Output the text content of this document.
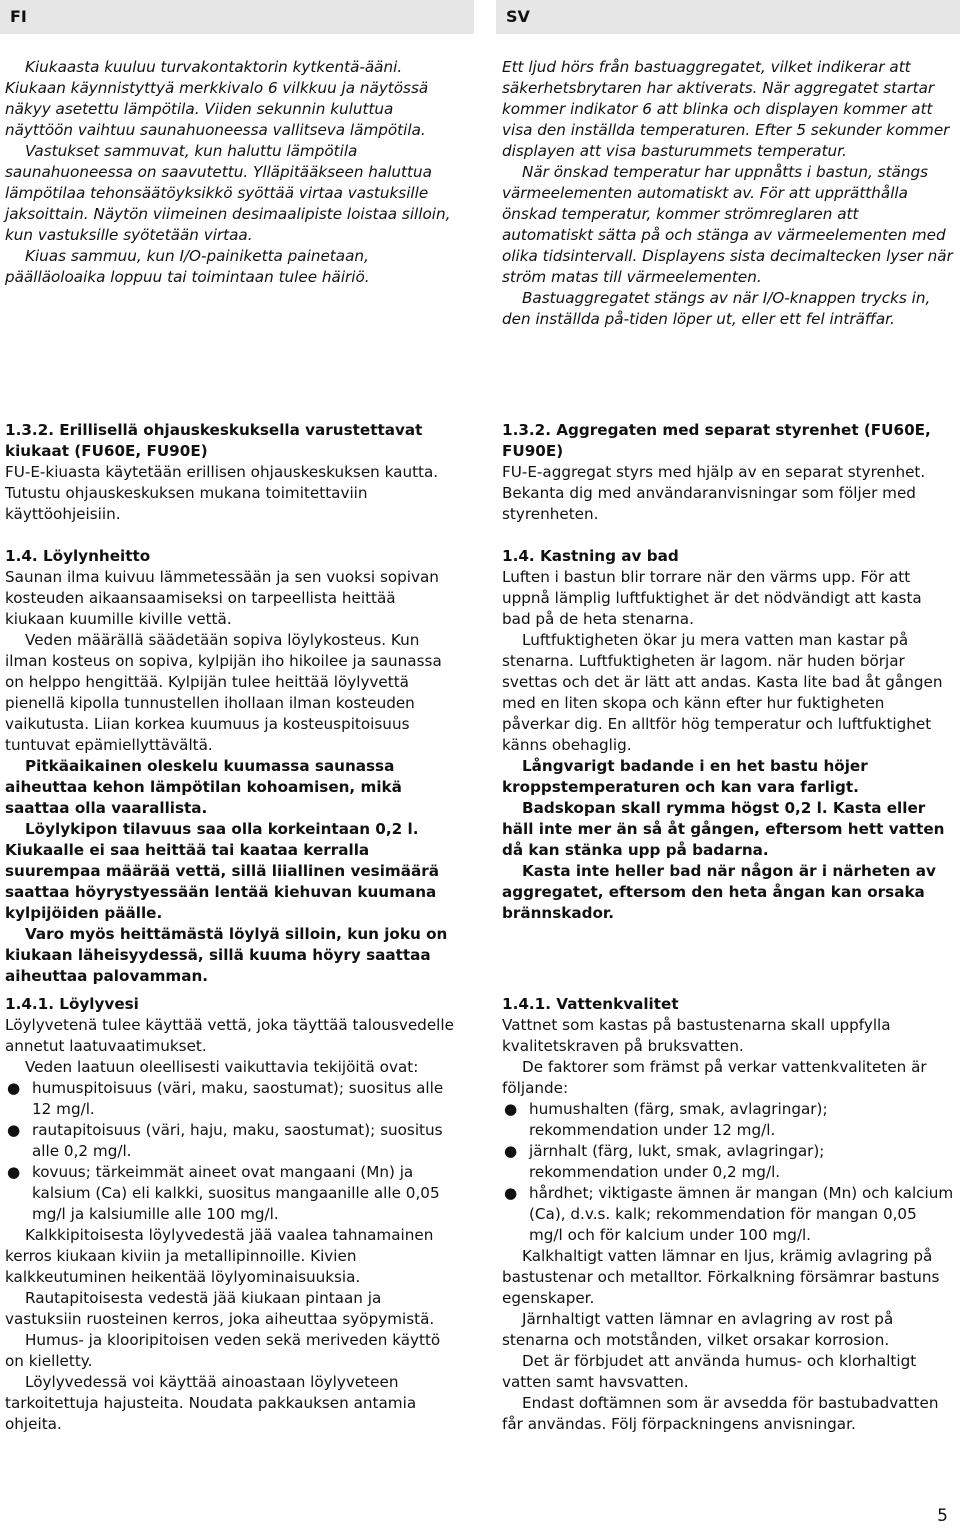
FI	SV

Kiukaasta kuuluu turvakontaktorin kytkentä-ääni. Kiukaan käynnistyttyä merkkivalo 6 vilkkuu ja näytössä näkyy asetettu lämpötila. Viiden sekunnin kuluttua näyttöön vaihtuu saunahuoneessa vallitseva lämpötila.

Vastukset sammuvat, kun haluttu lämpötila saunahuoneessa on saavutettu. Ylläpitääkseen haluttua lämpötilaa tehonsäätöyksikkö syöttää virtaa vastuksille jaksoittain. Näytön viimeinen desimaalipiste loistaa silloin, kun vastuksille syötetään virtaa.

Kiuas sammuu, kun I/O-painiketta painetaan, päälläoloaika loppuu tai toimintaan tulee häiriö.

1.3.2. Erillisellä ohjauskeskuksella varustettavat kiukaat (FU60E, FU90E)

FU-E-kiuasta käytetään erillisen ohjauskeskuksen kautta. Tutustu ohjauskeskuksen mukana toimitettaviin käyttöohjeisiin.

1.4. Löylynheitto

Saunan ilma kuivuu lämmetessään ja sen vuoksi sopivan kosteuden aikaansaamiseksi on tarpeellista heittää kiukaan kuumille kiville vettä.

Veden määrällä säädetään sopiva löylykosteus. Kun ilman kosteus on sopiva, kylpijän iho hikoilee ja saunassa on helppo hengittää. Kylpijän tulee heittää löylyvettä pienellä kipolla tunnustellen ihollaan ilman kosteuden vaikutusta. Liian korkea kuumuus ja kosteuspitoisuus tuntuvat epämiellyttävältä.

Pitkäaikainen oleskelu kuumassa saunassa aiheuttaa kehon lämpötilan kohoamisen, mikä saattaa olla vaarallista.

Löylykipon tilavuus saa olla korkeintaan 0,2 l. Kiukaalle ei saa heittää tai kaataa kerralla suurempaa määrää vettä, sillä liiallinen vesimäärä saattaa höyrystyessään lentää kiehuvan kuumana kylpijöiden päälle.

Varo myös heittämästä löylyä silloin, kun joku on kiukaan läheisyydessä, sillä kuuma höyry saattaa aiheuttaa palovamman.

1.4.1. Löylyvesi

Löylyvetenä tulee käyttää vettä, joka täyttää talousvedelle annetut laatuvaatimukset.

Veden laatuun oleellisesti vaikuttavia tekijöitä ovat:

● humuspitoisuus (väri, maku, saostumat); suositus alle 12 mg/l.
● rautapitoisuus (väri, haju, maku, saostumat); suositus alle 0,2 mg/l.
● kovuus; tärkeimmät aineet ovat mangaani (Mn) ja kalsium (Ca) eli kalkki, suositus mangaanille alle 0,05 mg/l ja kalsiumille alle 100 mg/l.

Kalkkipitoisesta löylyvedestä jää vaalea tahnamainen kerros kiukaan kiviin ja metallipinnoille. Kivien kalkkeutuminen heikentää löylyominaisuuksia.

Rautapitoisesta vedestä jää kiukaan pintaan ja vastuksiin ruosteinen kerros, joka aiheuttaa syöpymistä.

Humus- ja klooripitoisen veden sekä meriveden käyttö on kielletty.

Löylyvedessä voi käyttää ainoastaan löylyveteen tarkoitettuja hajusteita. Noudata pakkauksen antamia ohjeita.

Ett ljud hörs från bastuaggregatet, vilket indikerar att säkerhetsbrytaren har aktiverats. När aggregatet startar kommer indikator 6 att blinka och displayen kommer att visa den inställda temperaturen. Efter 5 sekunder kommer displayen att visa basturummets temperatur.

När önskad temperatur har uppnåtts i bastun, stängs värmeelementen automatiskt av. För att upprätthålla önskad temperatur, kommer strömreglaren att automatiskt sätta på och stänga av värmeelementen med olika tidsintervall. Displayens sista decimaltecken lyser när ström matas till värmeelementen.

Bastuaggregatet stängs av när I/O-knappen trycks in, den inställda på-tiden löper ut, eller ett fel inträffar.

1.3.2. Aggregaten med separat styrenhet (FU60E, FU90E)

FU-E-aggregat styrs med hjälp av en separat styrenhet. Bekanta dig med användaranvisningar som följer med styrenheten.

1.4. Kastning av bad

Luften i bastun blir torrare när den värms upp. För att uppnå lämplig luftfuktighet är det nödvändigt att kasta bad på de heta stenarna.

Luftfuktigheten ökar ju mera vatten man kastar på stenarna. Luftfuktigheten är lagom. när huden börjar svettas och det är lätt att andas. Kasta lite bad åt gången med en liten skopa och känn efter hur fuktigheten påverkar dig. En alltför hög temperatur och luftfuktighet känns obehaglig.

Långvarigt badande i en het bastu höjer kroppstemperaturen och kan vara farligt.

Badskopan skall rymma högst 0,2 l. Kasta eller häll inte mer än så åt gången, eftersom hett vatten då kan stänka upp på badarna.

Kasta inte heller bad när någon är i närheten av aggregatet, eftersom den heta ångan kan orsaka brännskador.

1.4.1. Vattenkvalitet

Vattnet som kastas på bastustenarna skall uppfylla kvalitetskraven på bruksvatten.

De faktorer som främst på verkar vattenkvaliteten är följande:

● humushalten (färg, smak, avlagringar); rekommendation under 12 mg/l.
● järnhalt (färg, lukt, smak, avlagringar); rekommendation under 0,2 mg/l.
● hårdhet; viktigaste ämnen är mangan (Mn) och kalcium (Ca), d.v.s. kalk; rekommendation för mangan 0,05 mg/l och för kalcium under 100 mg/l.

Kalkhaltigt vatten lämnar en ljus, krämig avlagring på bastustenar och metalltor. Förkalkning försämrar bastuns egenskaper.

Järnhaltigt vatten lämnar en avlagring av rost på stenarna och motstånden, vilket orsakar korrosion.

Det är förbjudet att använda humus- och klorhaltigt vatten samt havsvatten.

Endast doftämnen som är avsedda för bastubadvatten får användas. Följ förpackningens anvisningar.

5
